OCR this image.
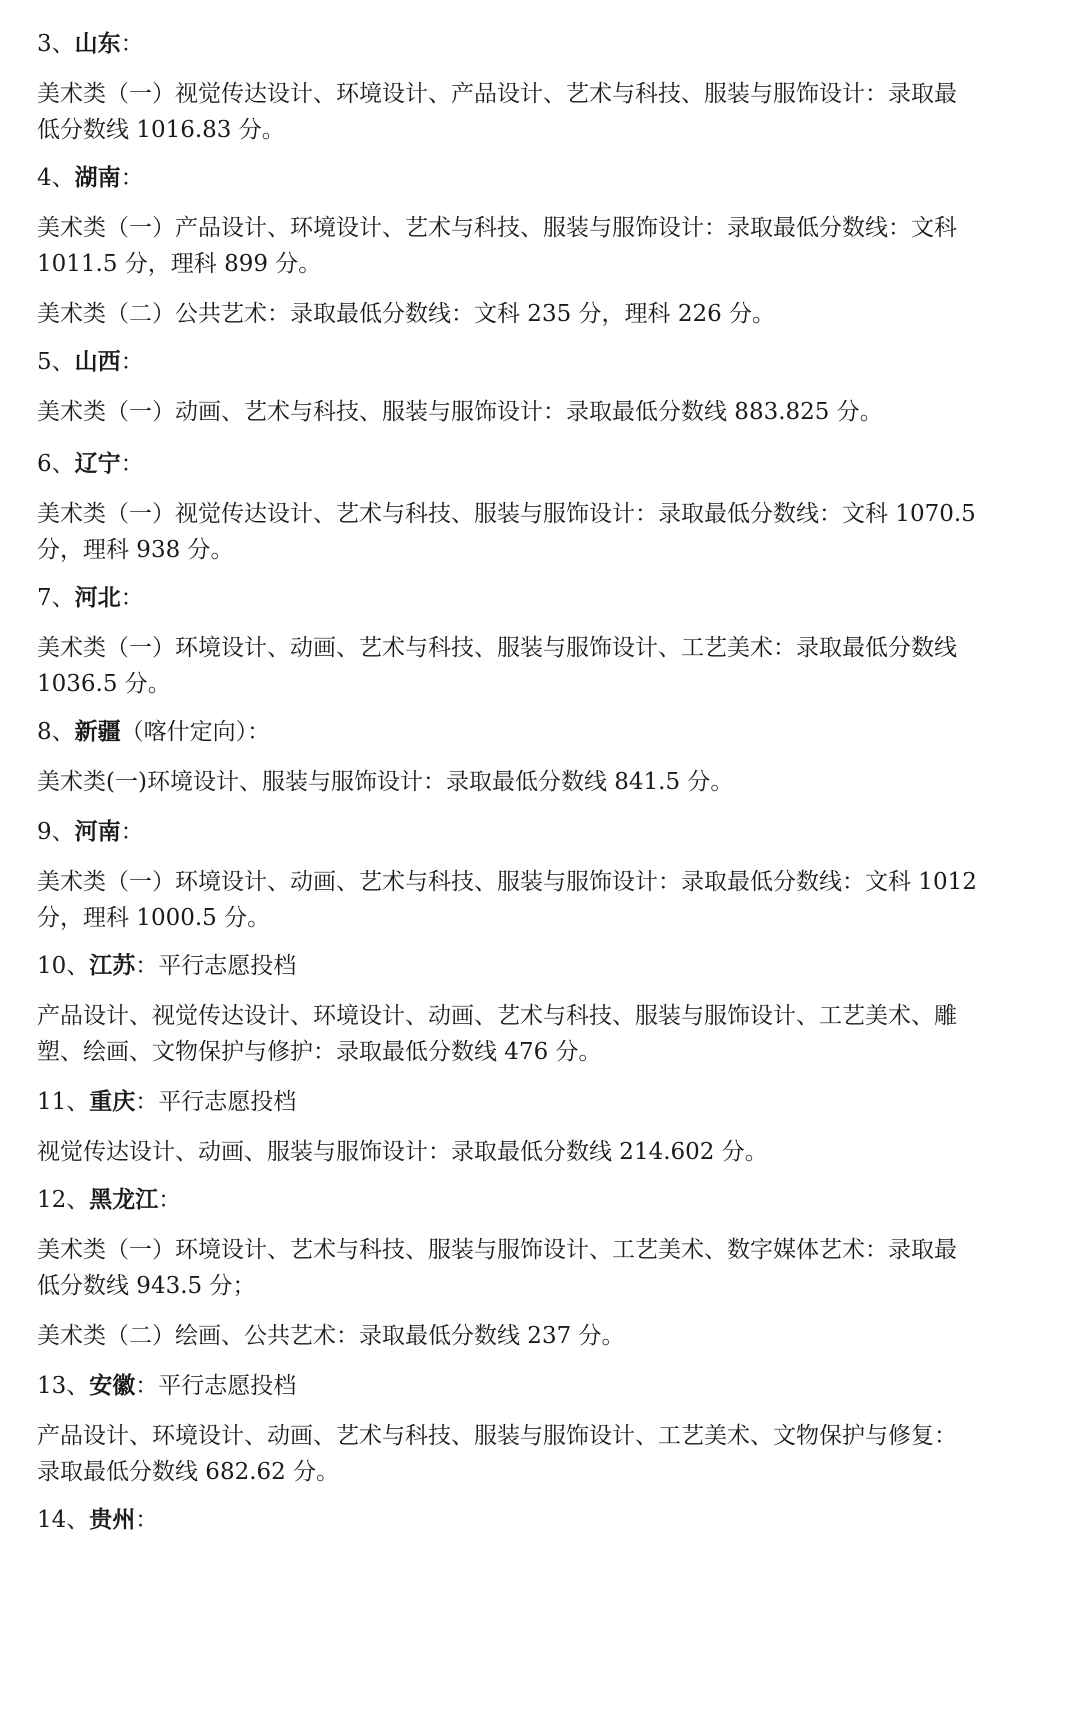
3、山东：
美术类（一）视觉传达设计、环境设计、产品设计、艺术与科技、服装与服饰设计：录取最
低分数线 1016.83 分。
4、湖南：
美术类（一）产品设计、环境设计、艺术与科技、服装与服饰设计：录取最低分数线：文科
1011.5 分，理科 899 分。
美术类（二）公共艺术：录取最低分数线：文科 235 分，理科 226 分。
5、山西：
美术类（一）动画、艺术与科技、服装与服饰设计：录取最低分数线 883.825 分。
6、辽宁：
美术类（一）视觉传达设计、艺术与科技、服装与服饰设计：录取最低分数线：文科 1070.5
分，理科 938 分。
7、河北：
美术类（一）环境设计、动画、艺术与科技、服装与服饰设计、工艺美术：录取最低分数线
1036.5 分。
8、新疆（喀什定向）：
美术类(一)环境设计、服装与服饰设计：录取最低分数线 841.5 分。
9、河南：
美术类（一）环境设计、动画、艺术与科技、服装与服饰设计：录取最低分数线：文科 1012
分，理科 1000.5 分。
10、江苏：平行志愿投档
产品设计、视觉传达设计、环境设计、动画、艺术与科技、服装与服饰设计、工艺美术、雕
塑、绘画、文物保护与修护：录取最低分数线 476 分。
11、重庆：平行志愿投档
视觉传达设计、动画、服装与服饰设计：录取最低分数线 214.602 分。
12、黑龙江：
美术类（一）环境设计、艺术与科技、服装与服饰设计、工艺美术、数字媒体艺术：录取最
低分数线 943.5 分；
美术类（二）绘画、公共艺术：录取最低分数线 237 分。
13、安徽：平行志愿投档
产品设计、环境设计、动画、艺术与科技、服装与服饰设计、工艺美术、文物保护与修复：
录取最低分数线 682.62 分。
14、贵州：
